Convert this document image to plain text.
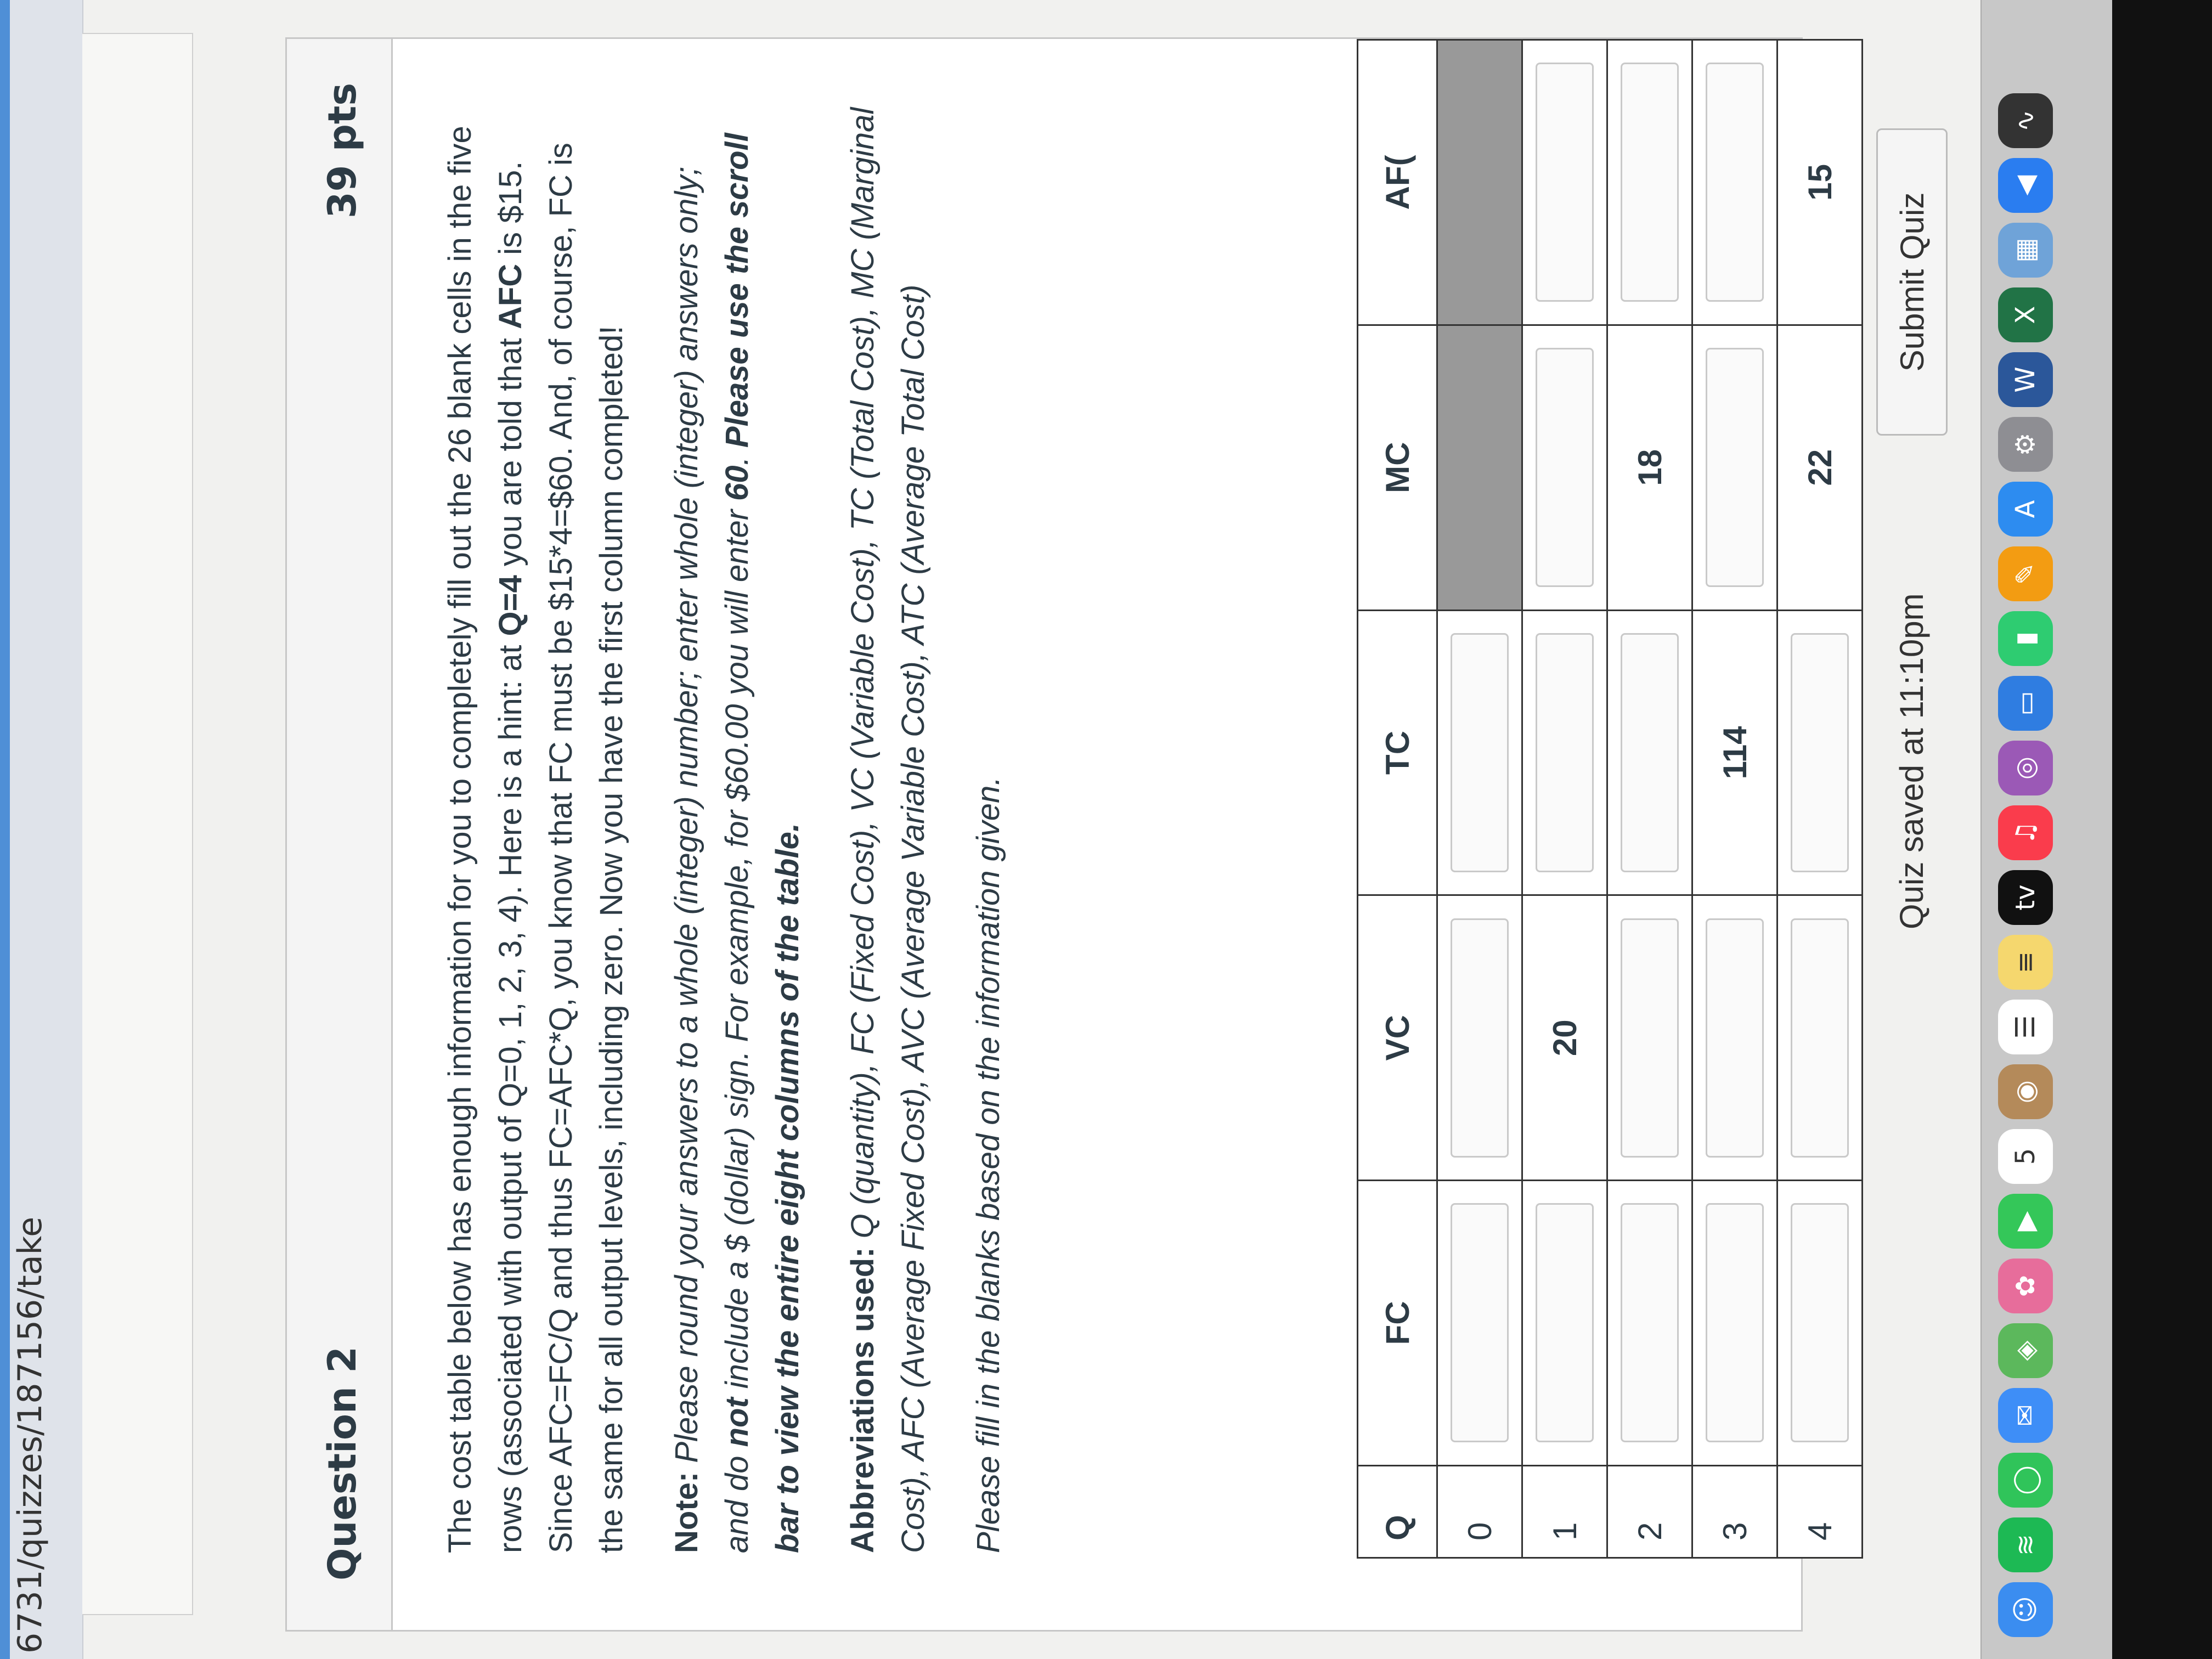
6731/quizzes/187156/take	Question 2
39 pts The cost table below has enough information for you to completely fill out the 26 blank cells in the five rows (associated with output of Q=0, 1, 2, 3, 4). Here is a hint: at Q=4 you are told that AFC is $15. Since AFC=FC/Q and thus FC=AFC*Q, you know that FC must be $15*4=$60. And, of course, FC is the same for all output levels, including zero. Now you have the first column completed! Note: Please round your answers to a whole (integer) number; enter whole (integer) answers only; and do not include a $ (dollar) sign. For example, for $60.00 you will enter 60. Please use the scroll bar to view the entire eight columns of the table. Abbreviations used: Q (quantity), FC (Fixed Cost), VC (Variable Cost), TC (Total Cost), MC (Marginal Cost), AFC (Average Fixed Cost), AVC (Average Variable Cost), ATC (Average Total Cost) Please fill in the blanks based on the information given.	Q	FC	VC	TC	MC	AF(
0	

1		20	

2				18	

3			114	

4				22	15
Quiz saved at 11:10pm
Submit Quiz
☺
≋
◯
✉
◈
✿
▶
5
◉
☰
≡
tv
♫
◎
▭
▮
✎
A
⚙
W
X
▦
◀
∿
